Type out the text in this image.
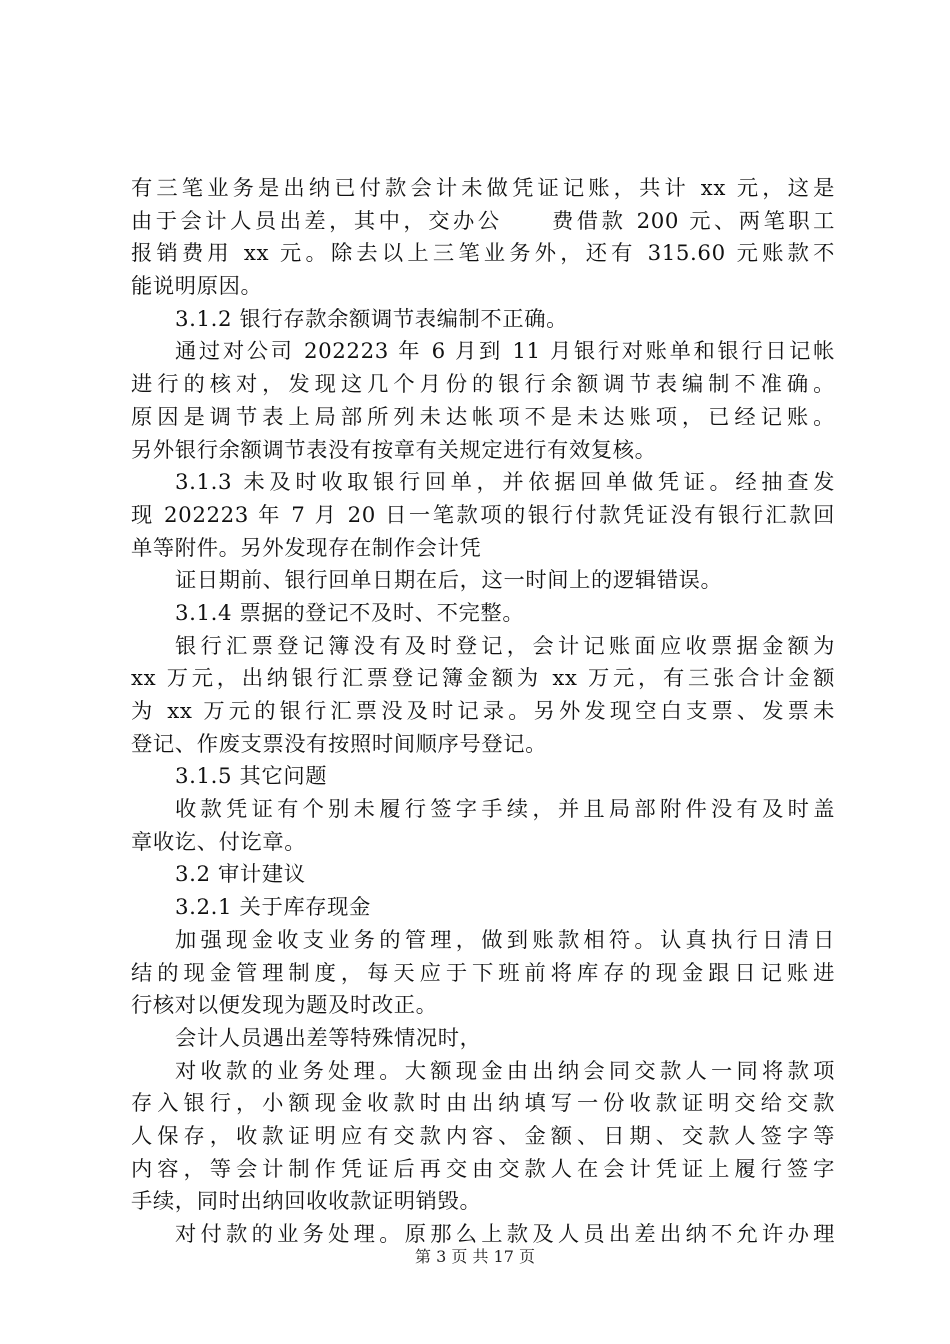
有三笔业务是出纳已付款会计未做凭证记账，共计 xx 元，这是
由于会计人员出差，其中，交办公　　费借款 200 元、两笔职工
报销费用 xx 元。除去以上三笔业务外，还有 315.60 元账款不
能说明原因。
3.1.2 银行存款余额调节表编制不正确。
通过对公司 202223 年 6 月到 11 月银行对账单和银行日记帐
进行的核对，发现这几个月份的银行余额调节表编制不准确。
原因是调节表上局部所列未达帐项不是未达账项，已经记账。
另外银行余额调节表没有按章有关规定进行有效复核。
3.1.3 未及时收取银行回单，并依据回单做凭证。经抽查发
现 202223 年 7 月 20 日一笔款项的银行付款凭证没有银行汇款回
单等附件。另外发现存在制作会计凭
证日期前、银行回单日期在后，这一时间上的逻辑错误。
3.1.4 票据的登记不及时、不完整。
银行汇票登记簿没有及时登记，会计记账面应收票据金额为
xx 万元，出纳银行汇票登记簿金额为 xx 万元，有三张合计金额
为 xx 万元的银行汇票没及时记录。另外发现空白支票、发票未
登记、作废支票没有按照时间顺序号登记。
3.1.5 其它问题
收款凭证有个别未履行签字手续，并且局部附件没有及时盖
章收讫、付讫章。
3.2 审计建议
3.2.1 关于库存现金
加强现金收支业务的管理，做到账款相符。认真执行日清日
结的现金管理制度，每天应于下班前将库存的现金跟日记账进
行核对以便发现为题及时改正。
会计人员遇出差等特殊情况时，
对收款的业务处理。大额现金由出纳会同交款人一同将款项
存入银行，小额现金收款时由出纳填写一份收款证明交给交款
人保存，收款证明应有交款内容、金额、日期、交款人签字等
内容，等会计制作凭证后再交由交款人在会计凭证上履行签字
手续，同时出纳回收收款证明销毁。
对付款的业务处理。原那么上款及人员出差出纳不允许办理
第 3 页 共 17 页
